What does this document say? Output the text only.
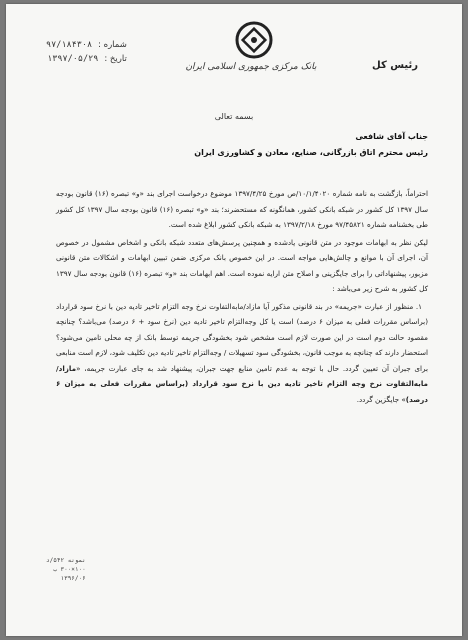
شماره :
۹۷/۱۸۴۳۰۸
تاریخ :
۱۳۹۷/۰۵/۲۹
بانک مرکزی جمهوری اسلامی ایران	رئیس کل
بسمه تعالی
جناب آقای شافعی
رئیس محترم اتاق بازرگانی، صنایع، معادن و کشاورزی ایران

احتراماً، بازگشت به نامه شماره ۱۰/۱/۴۰۲۰/ص مورخ ۱۳۹۷/۴/۲۵ موضوع درخواست اجرای بند «و» تبصره (۱۶) قانون بودجه سال ۱۳۹۷ کل کشور در شبکه بانکی کشور، همانگونه که مستحضرند؛ بند «و» تبصره (۱۶) قانون بودجه سال ۱۳۹۷ کل کشور طی بخشنامه شماره ۹۷/۴۵۸۲۱ مورخ ۱۳۹۷/۲/۱۸ به شبکه بانکی کشور ابلاغ شده است.

لیکن نظر به ابهامات موجود در متن قانونی یادشده و همچنین پرسش‌های متعدد شبکه بانکی و اشخاص مشمول در خصوص آن، اجرای آن با موانع و چالش‌هایی مواجه است. در این خصوص بانک مرکزی ضمن تبیین ابهامات و اشکالات متن قانونی مزبور، پیشنهاداتی را برای جایگزینی و اصلاح متن ارایه نموده است. اهم ابهامات بند «و» تبصره (۱۶) قانون بودجه سال ۱۳۹۷ کل کشور به شرح زیر می‌باشد :

۱. منظور از عبارت «جریمه» در بند قانونی مذکور آیا مازاد/مابه‌التفاوت نرخ وجه التزام تاخیر تادیه دین با نرخ سود قرارداد (براساس مقررات فعلی به میزان ۶ درصد) است یا کل وجه‌التزام تاخیر تادیه دین (نرخ سود + ۶ درصد) می‌باشد؟ چنانچه مقصود حالت دوم است در این صورت لازم است مشخص شود بخشودگی جریمه توسط بانک از چه محلی تامین می‌شود؟ استحضار دارند که چنانچه به موجب قانون، بخشودگی سود تسهیلات / وجه‌التزام تاخیر تادیه دین تکلیف شود، لازم است منابعی برای جبران آن تعیین گردد. حال با توجه به عدم تامین منابع جهت جبران، پیشنهاد شد به جای عبارت جریمه، «مازاد/مابه‌التفاوت نرخ وجه التزام تاخیر تادیه دین با نرخ سود قرارداد (براساس مقررات فعلی به میزان ۶ درصد)» جایگزین گردد.

نمونه ۵۴۲/د
۱۰۰×۳۰۰ ب
۱۳۹۶/۰۶
